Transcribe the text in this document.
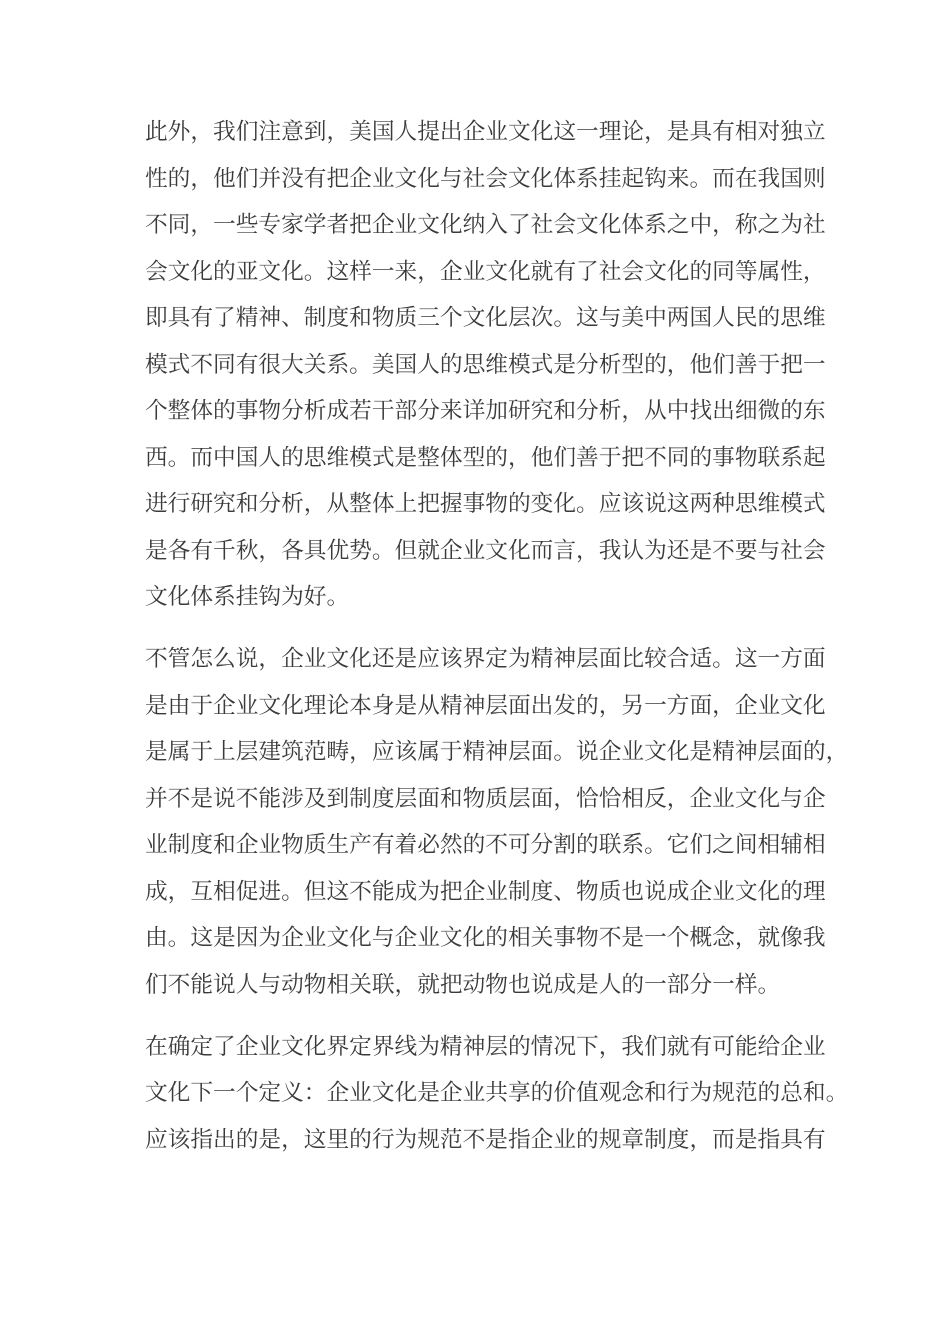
此外，我们注意到，美国人提出企业文化这一理论，是具有相对独立
性的，他们并没有把企业文化与社会文化体系挂起钩来。而在我国则
不同，一些专家学者把企业文化纳入了社会文化体系之中，称之为社
会文化的亚文化。这样一来，企业文化就有了社会文化的同等属性，
即具有了精神、制度和物质三个文化层次。这与美中两国人民的思维
模式不同有很大关系。美国人的思维模式是分析型的，他们善于把一
个整体的事物分析成若干部分来详加研究和分析，从中找出细微的东
西。而中国人的思维模式是整体型的，他们善于把不同的事物联系起
进行研究和分析，从整体上把握事物的变化。应该说这两种思维模式
是各有千秋，各具优势。但就企业文化而言，我认为还是不要与社会
文化体系挂钩为好。
不管怎么说，企业文化还是应该界定为精神层面比较合适。这一方面
是由于企业文化理论本身是从精神层面出发的，另一方面，企业文化
是属于上层建筑范畴，应该属于精神层面。说企业文化是精神层面的，
并不是说不能涉及到制度层面和物质层面，恰恰相反，企业文化与企
业制度和企业物质生产有着必然的不可分割的联系。它们之间相辅相
成，互相促进。但这不能成为把企业制度、物质也说成企业文化的理
由。这是因为企业文化与企业文化的相关事物不是一个概念，就像我
们不能说人与动物相关联，就把动物也说成是人的一部分一样。
在确定了企业文化界定界线为精神层的情况下，我们就有可能给企业
文化下一个定义：企业文化是企业共享的价值观念和行为规范的总和。
应该指出的是，这里的行为规范不是指企业的规章制度，而是指具有
